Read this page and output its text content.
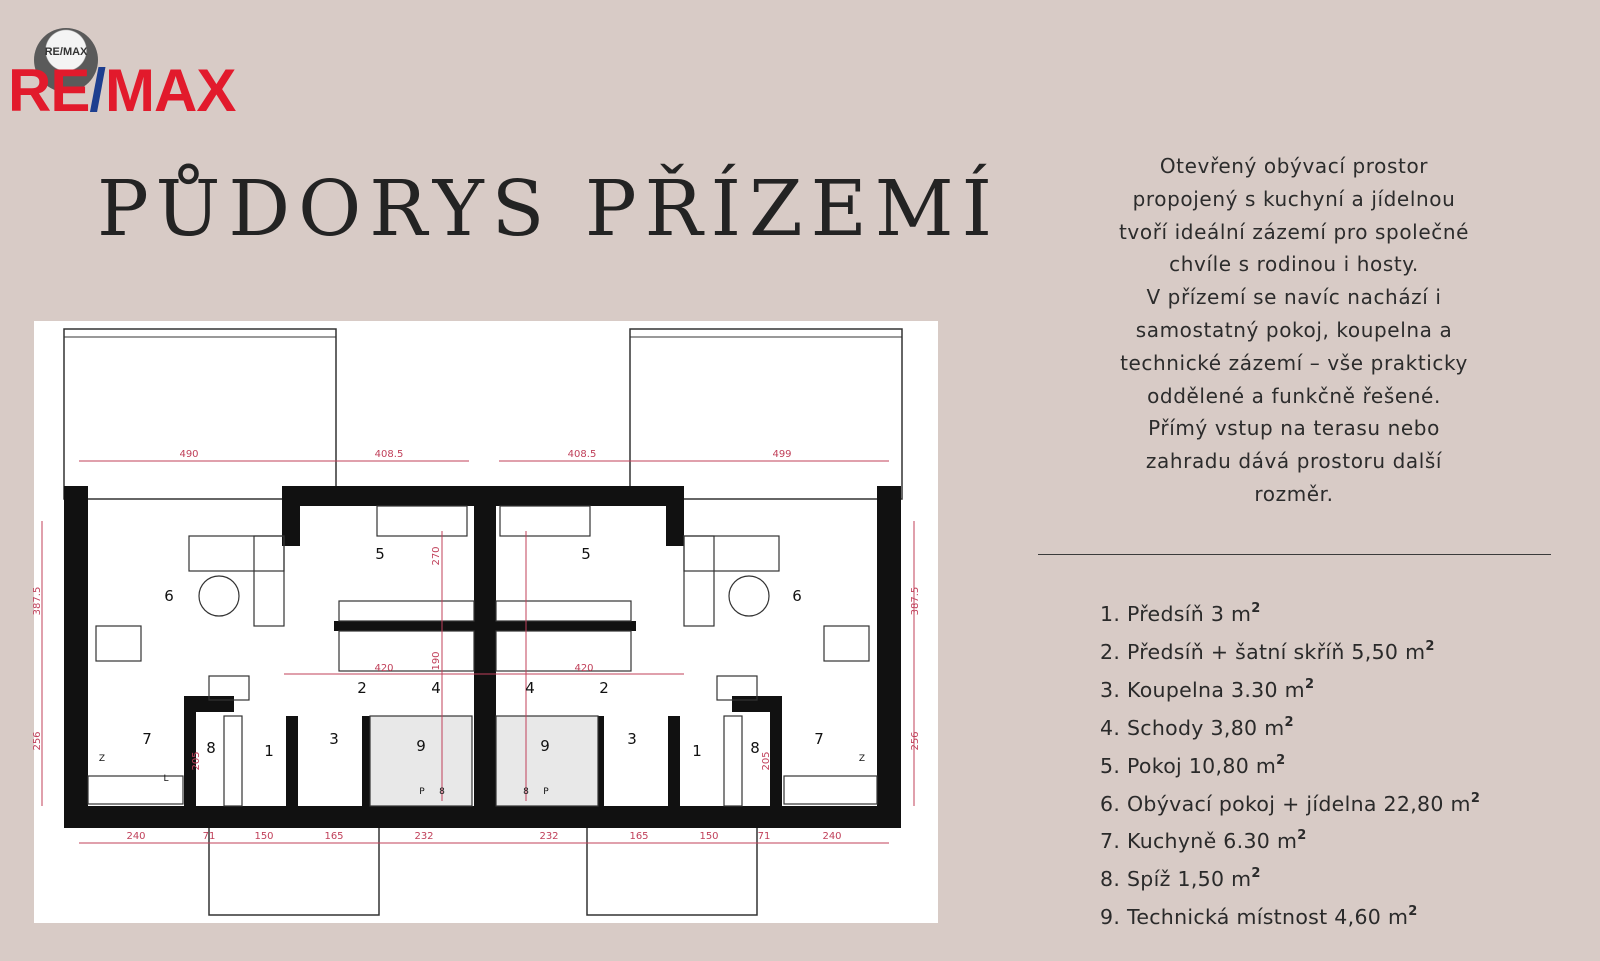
RE/MAX
RE/MAX
PŮDORYS PŘÍZEMÍ
490	408.5	408.5	499
240	71	150	165	232	232	165	150	71	240
270
190
205	205
420	420
387.5
256
387.5
256
1	1
2	2
3	3
4	4
5	5
6	6
7	7
8	8
9	9
P 8	8 P
Z	Z
L
Otevřený obývací prostor
propojený s kuchyní a jídelnou
tvoří ideální zázemí pro společné
chvíle s rodinou i hosty.
V přízemí se navíc nachází i
samostatný pokoj, koupelna a
technické zázemí – vše prakticky
oddělené a funkčně řešené.
Přímý vstup na terasu nebo
zahradu dává prostoru další
rozměr.
1. Předsíň 3 $m^2$
2. Předsíň + šatní skříň 5,50 $m^2$
3. Koupelna 3.30 $m^2$
4. Schody 3,80 $m^2$
5. Pokoj 10,80 $m^2$
6. Obývací pokoj + jídelna 22,80 $m^2$
7. Kuchyně 6.30 $m^2$
8. Spíž 1,50 $m^2$
9. Technická místnost 4,60 $m^2$
